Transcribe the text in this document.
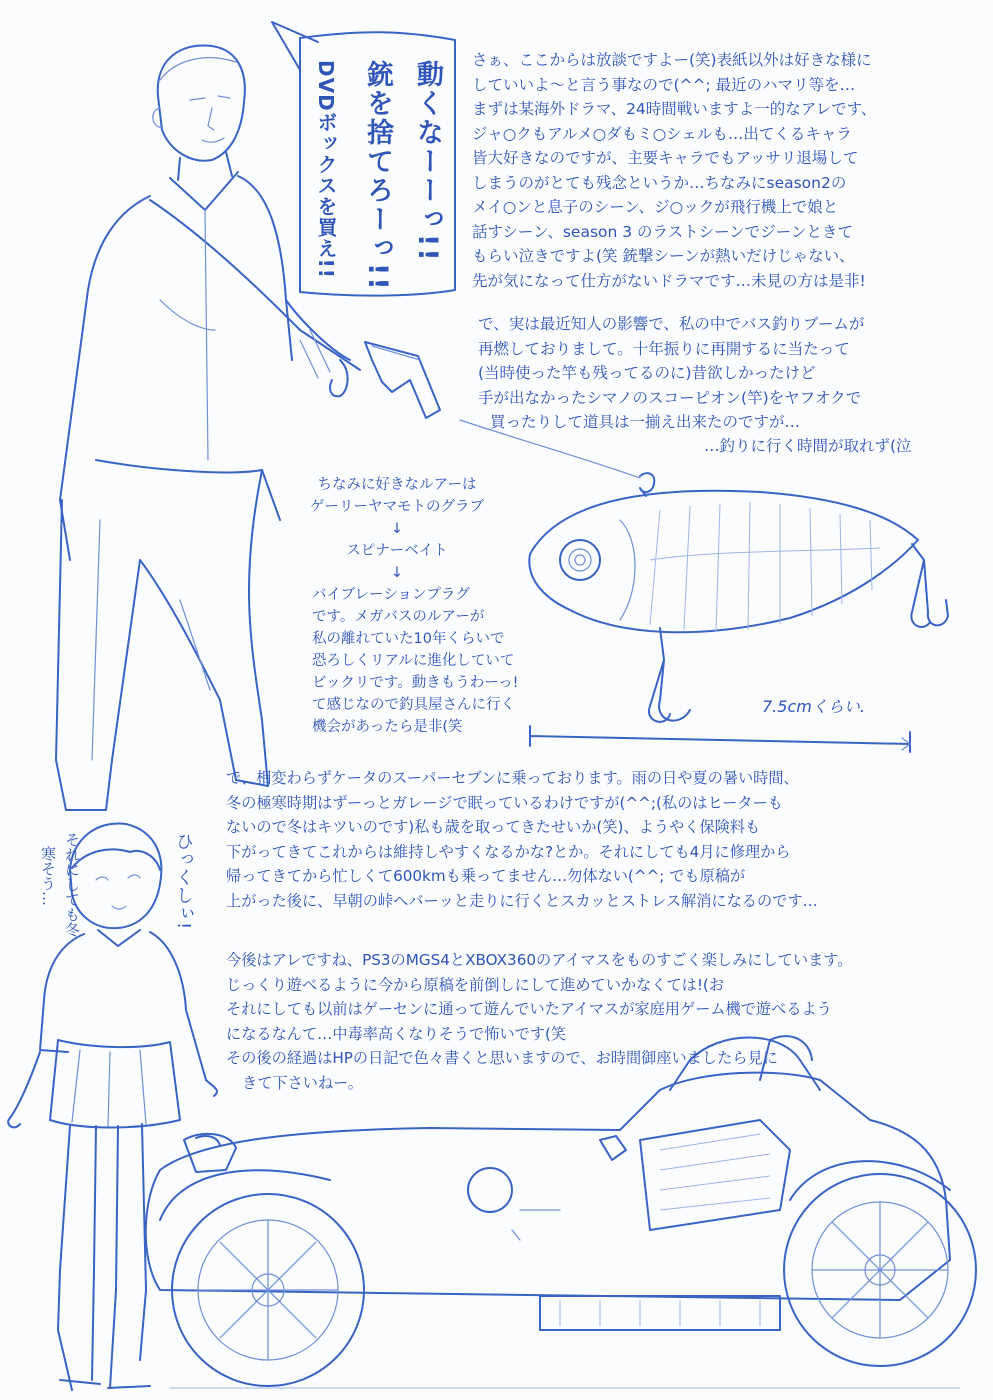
動くなーーっ!!
銃を捨てろーっ!!
DVDボックスを買え!!	さぁ、ここからは放談ですよー(笑)表紙以外は好きな様に

していいよ〜と言う事なので(^^; 最近のハマリ等を…

まずは某海外ドラマ、24時間戦いますよ一的なアレです、

ジャ○クもアルメ○ダもミ○シェルも…出てくるキャラ

皆大好きなのですが、主要キャラでもアッサリ退場して

しまうのがとても残念というか…ちなみにseason2の

メイ○ンと息子のシーン、ジ○ックが飛行機上で娘と

話すシーン、season 3 のラストシーンでジーンときて

もらい泣きですよ(笑 銃撃シーンが熱いだけじゃない、

先が気になって仕方がないドラマです…未見の方は是非!

で、実は最近知人の影響で、私の中でバス釣りブームが

再燃しておりまして。十年振りに再開するに当たって

(当時使った竿も残ってるのに)昔欲しかったけど

手が出なかったシマノのスコーピオン(竿)をヤフオクで

買ったりして道具は一揃え出来たのですが…

…釣りに行く時間が取れず(泣

ちなみに好きなルアーは

ゲーリーヤマモトのグラブ

↓

スピナーベイト

↓

バイブレーションプラグ

です。メガバスのルアーが

私の離れていた10年くらいで

恐ろしくリアルに進化していて

ビックリです。動きもうわーっ!

て感じなので釣具屋さんに行く

機会があったら是非(笑

7.5cmくらい.

で、相変わらずケータのスーパーセブンに乗っております。雨の日や夏の暑い時間、

冬の極寒時期はずーっとガレージで眠っているわけですが(^^;(私のはヒーターも

ないので冬はキツいのです)私も歳を取ってきたせいか(笑)、ようやく保険料も

下がってきてこれからは維持しやすくなるかな?とか。それにしても4月に修理から

帰ってきてから忙しくて600kmも乗ってません…勿体ない(^^; でも原稿が

上がった後に、早朝の峠へバーッと走りに行くとスカッとストレス解消になるのです…

今後はアレですね、PS3のMGS4とXBOX360のアイマスをものすごく楽しみにしています。

じっくり遊べるように今から原稿を前倒しにして進めていかなくては!(お

それにしても以前はゲーセンに通って遊んでいたアイマスが家庭用ゲーム機で遊べるよう

になるなんて…中毒率高くなりそうで怖いです(笑

その後の経過はHPの日記で色々書くと思いますので、お時間御座いましたら見に

きて下さいねー。

それにしても冬
寒そう…	ひっくしぃ!
